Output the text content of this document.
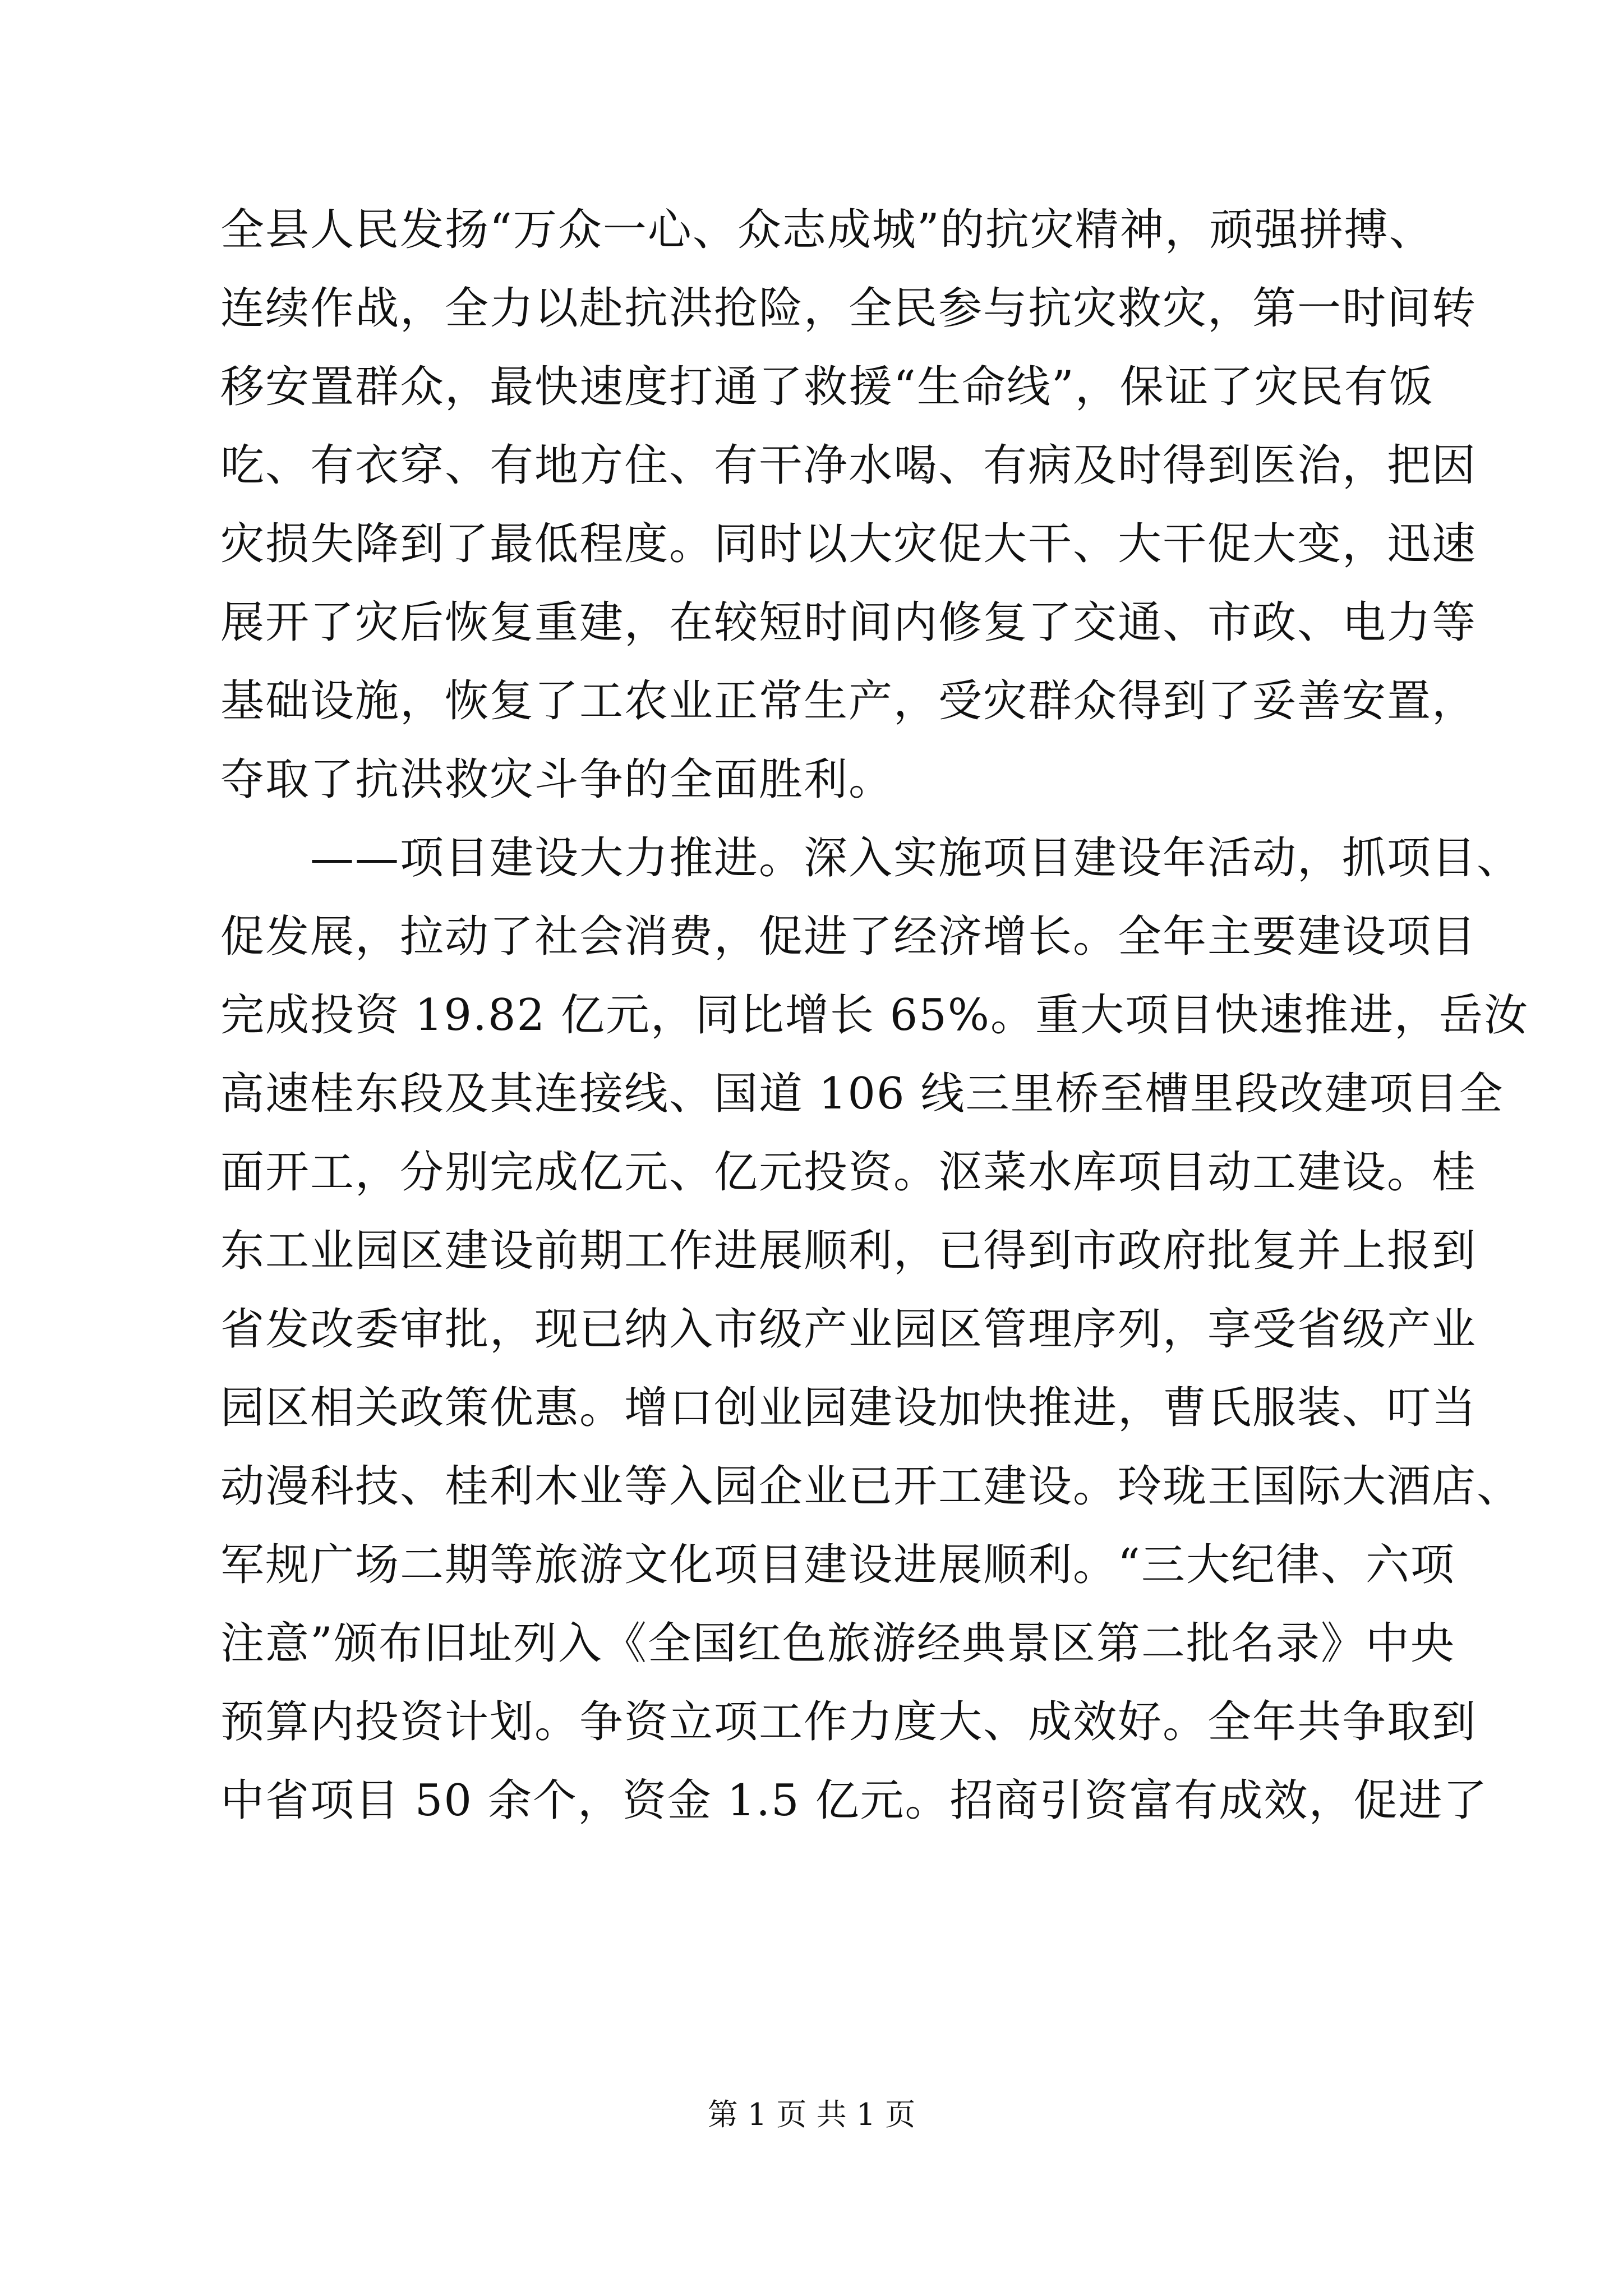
全县人民发扬“万众一心、众志成城”的抗灾精神，顽强拼搏、
连续作战，全力以赴抗洪抢险，全民参与抗灾救灾，第一时间转
移安置群众，最快速度打通了救援“生命线”，保证了灾民有饭
吃、有衣穿、有地方住、有干净水喝、有病及时得到医治，把因
灾损失降到了最低程度。同时以大灾促大干、大干促大变，迅速
展开了灾后恢复重建，在较短时间内修复了交通、市政、电力等
基础设施，恢复了工农业正常生产，受灾群众得到了妥善安置，
夺取了抗洪救灾斗争的全面胜利。
　　——项目建设大力推进。深入实施项目建设年活动，抓项目、
促发展，拉动了社会消费，促进了经济增长。全年主要建设项目
完成投资 19.82 亿元，同比增长 65%。重大项目快速推进，岳汝
高速桂东段及其连接线、国道 106 线三里桥至槽里段改建项目全
面开工，分别完成亿元、亿元投资。沤菜水库项目动工建设。桂
东工业园区建设前期工作进展顺利，已得到市政府批复并上报到
省发改委审批，现已纳入市级产业园区管理序列，享受省级产业
园区相关政策优惠。增口创业园建设加快推进，曹氏服装、叮当
动漫科技、桂利木业等入园企业已开工建设。玲珑王国际大酒店、
军规广场二期等旅游文化项目建设进展顺利。“三大纪律、六项
注意”颁布旧址列入《全国红色旅游经典景区第二批名录》中央
预算内投资计划。争资立项工作力度大、成效好。全年共争取到
中省项目 50 余个，资金 1.5 亿元。招商引资富有成效，促进了
第 1 页 共 1 页
